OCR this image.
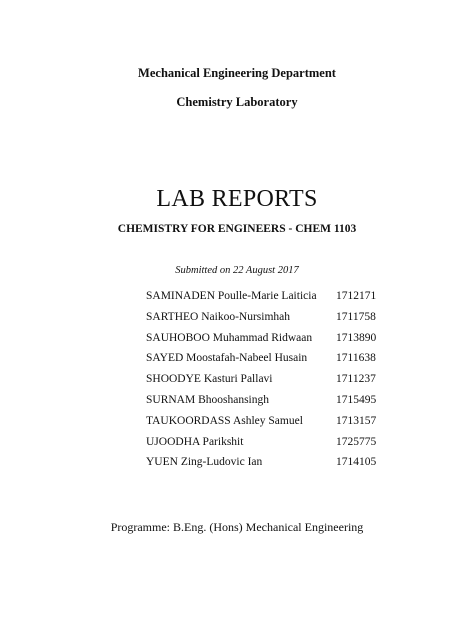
Mechanical Engineering Department
Chemistry Laboratory
LAB REPORTS
CHEMISTRY FOR ENGINEERS - CHEM 1103
Submitted on 22 August 2017
SAMINADEN Poulle-Marie Laiticia 1712171
SARTHEO Naikoo-Nursimhah	1711758
SAUHOBOO Muhammad Ridwaan 1713890
SAYED Moostafah-Nabeel Husain	1711638
SHOODYE Kasturi Pallavi	1711237
SURNAM Bhooshansingh	1715495
TAUKOORDASS Ashley Samuel	1713157
UJOODHA Parikshit	1725775
YUEN Zing-Ludovic Ian	1714105
Programme: B.Eng. (Hons) Mechanical Engineering
